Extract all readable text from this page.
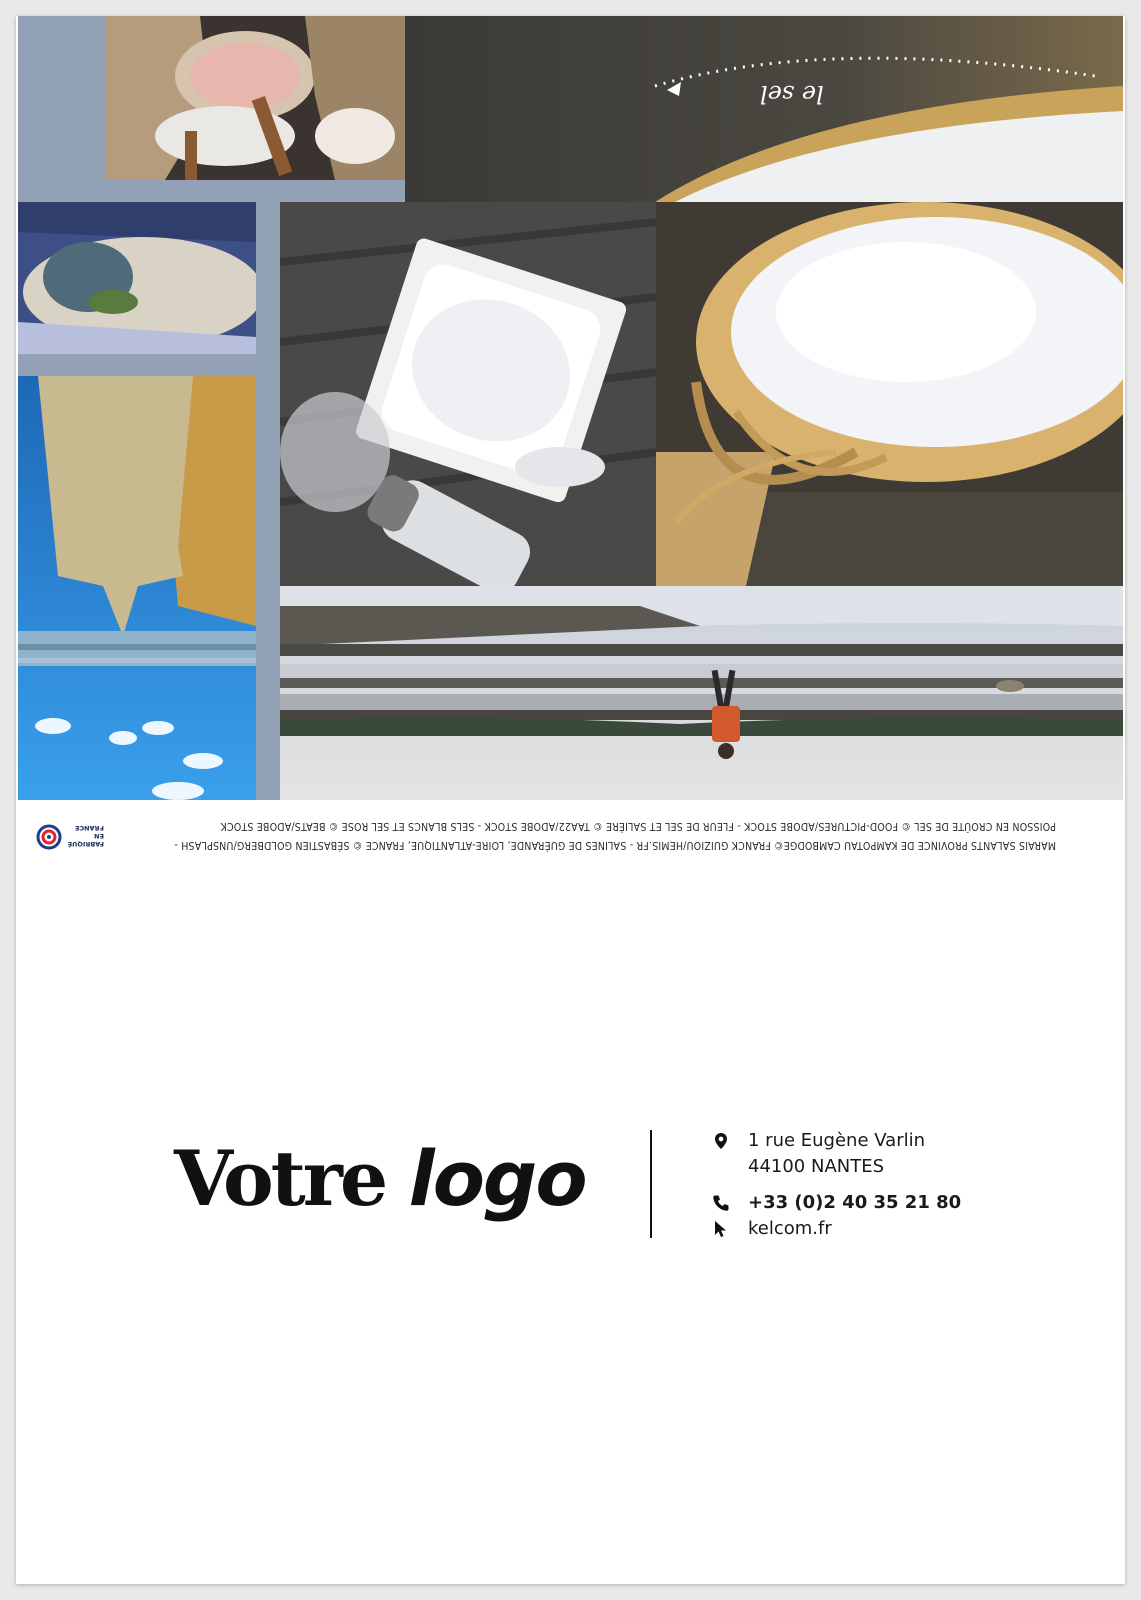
le sel
POISSON EN CROÛTE DE SEL © FOOD-PICTURES/ADOBE STOCK - FLEUR DE SEL ET SALIÈRE © TAA22/ADOBE STOCK - SELS BLANCS ET SEL ROSE © BEATS/ADOBE STOCK
MARAIS SALANTS PROVINCE DE KAMPOTAU CAMBODGE© FRANCK GUIZIOU/HEMIS.FR - SALINES DE GUÉRANDE, LOIRE-ATLANTIQUE, FRANCE © SÉBASTIEN GOLDBERG/UNSPLASH -
FABRIQUÉ
EN FRANCE
Votre logo	1 rue Eugène Varlin
44100 NANTES
+33 (0)2 40 35 21 80
kelcom.fr
